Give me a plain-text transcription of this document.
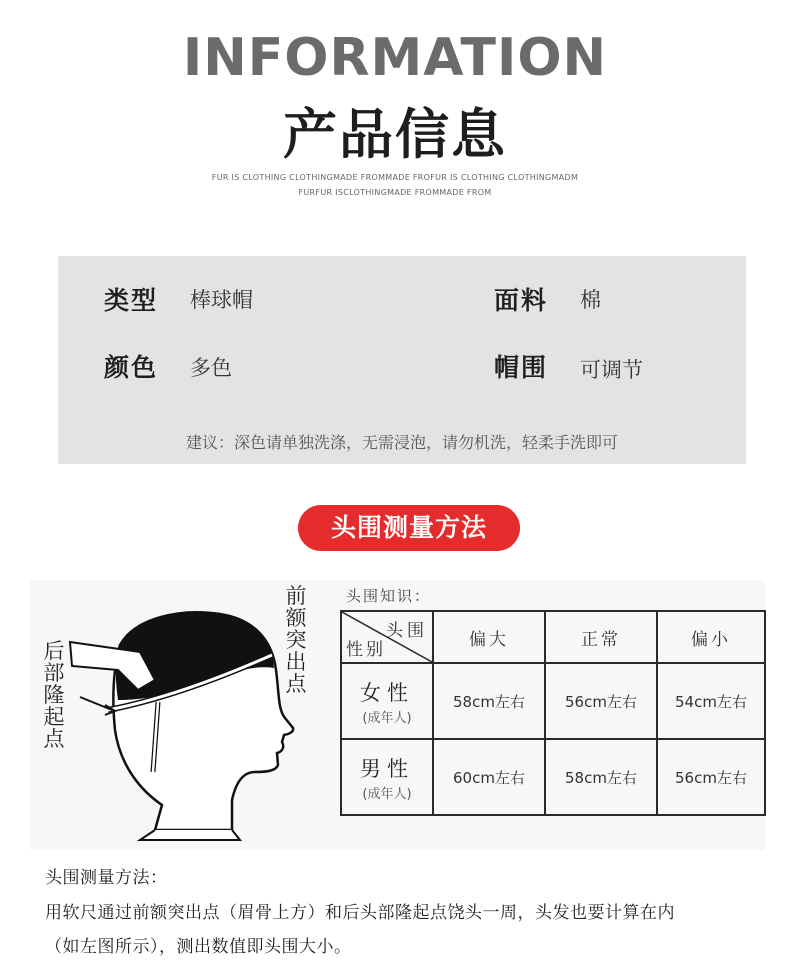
INFORMATION
产品信息
FUR IS CLOTHING CLOTHINGMADE FROMMADE FROFUR IS CLOTHING CLOTHINGMADM
FURFUR ISCLOTHINGMADE FROMMADE FROM
类型 棒球帽	面料 棉
颜色 多色	帽围 可调节
建议：深色请单独洗涤，无需浸泡，请勿机洗，轻柔手洗即可
头围测量方法
后部隆起点
前额突出点
头围知识：
头围
性别	偏大	正常	偏小

女性
(成年人)	58cm左右	56cm左右	54cm左右

男性
(成年人)	60cm左右	58cm左右	56cm左右
头围测量方法：
用软尺通过前额突出点（眉骨上方）和后头部隆起点饶头一周，头发也要计算在内
（如左图所示），测出数值即头围大小。
